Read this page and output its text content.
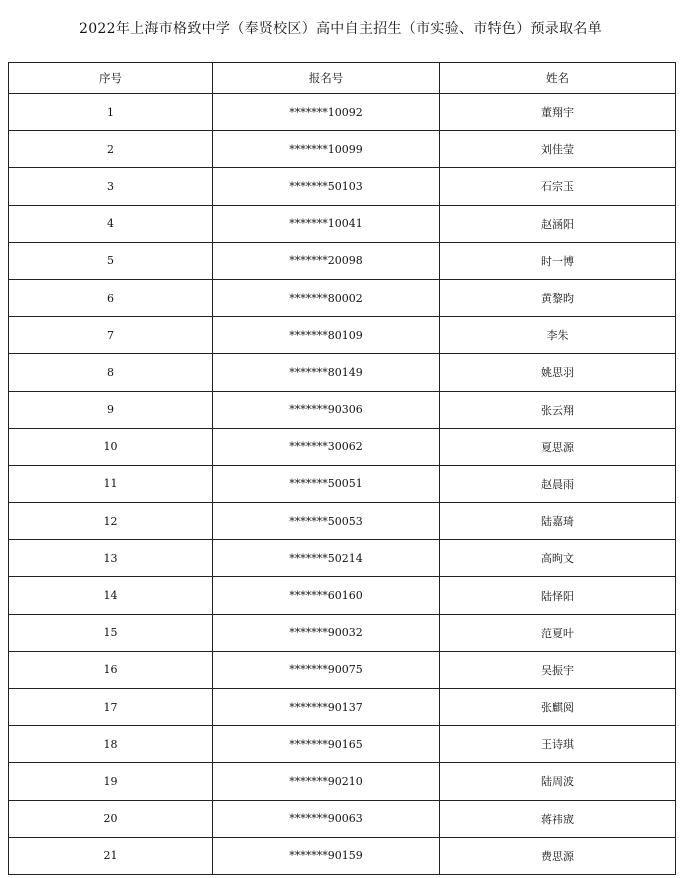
2022年上海市格致中学（奉贤校区）高中自主招生（市实验、市特色）预录取名单
序号	报名号	姓名
1	*******10092	董翔宇
2	*******10099	刘佳莹
3	*******50103	石宗玉
4	*******10041	赵涵阳
5	*******20098	时一博
6	*******80002	黄黎昀
7	*******80109	李朱
8	*******80149	姚思羽
9	*******90306	张云翔
10	*******30062	夏思源
11	*******50051	赵晨雨
12	*******50053	陆嘉琦
13	*******50214	高昫文
14	*******60160	陆怿阳
15	*******90032	范夏叶
16	*******90075	吴振宇
17	*******90137	张麒阅
18	*******90165	王诗琪
19	*******90210	陆周波
20	*******90063	蒋祎宬
21	*******90159	费思源
